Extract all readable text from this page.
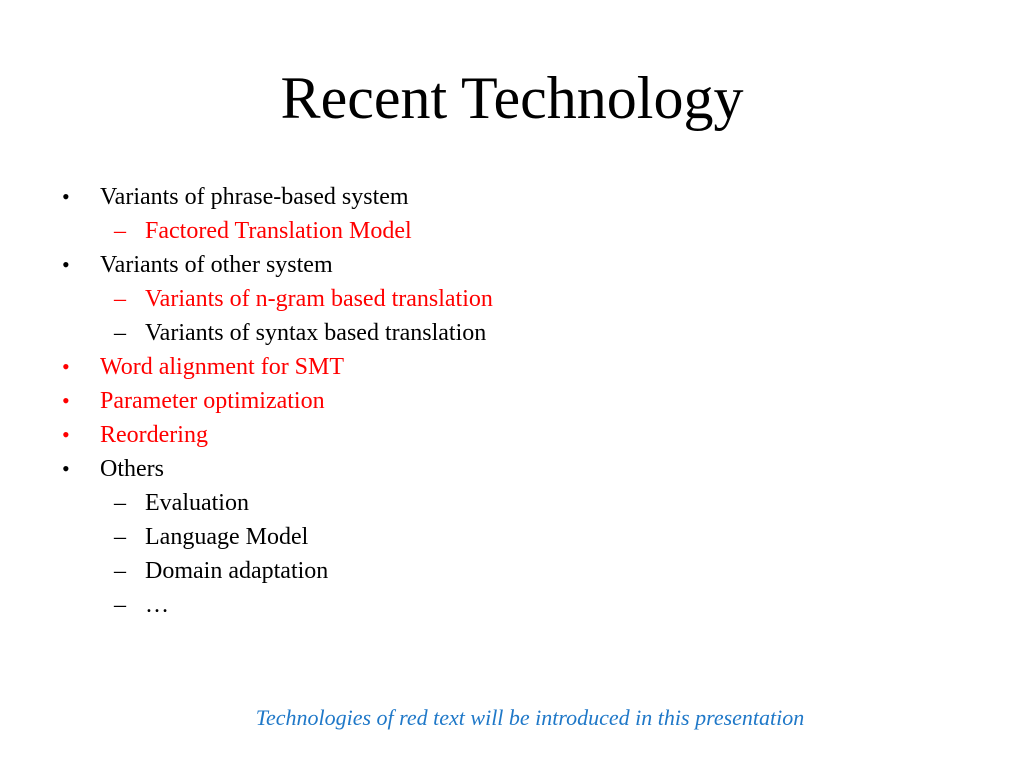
Recent Technology
• Variants of phrase-based system
– Factored Translation Model
• Variants of other system
– Variants of n-gram based translation
– Variants of syntax based translation
• Word alignment for SMT
• Parameter optimization
• Reordering
• Others
– Evaluation
– Language Model
– Domain adaptation
– …
Technologies of red text will be introduced in this presentation
